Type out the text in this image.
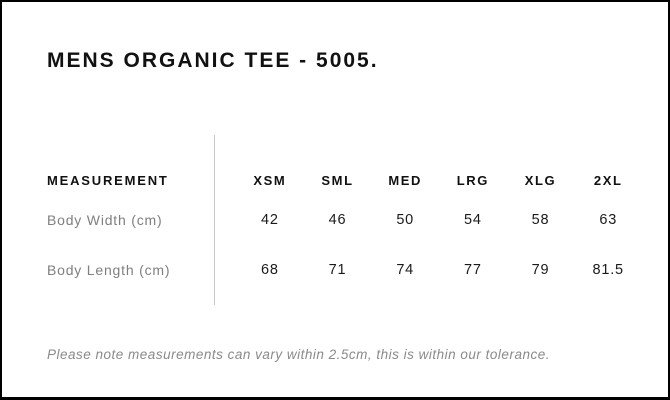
MENS ORGANIC TEE - 5005.
MEASUREMENT	XSM	SML	MED	LRG	XLG	2XL
Body Width (cm)	42	46	50	54	58	63
Body Length (cm)	68	71	74	77	79	81.5

Please note measurements can vary within 2.5cm, this is within our tolerance.
